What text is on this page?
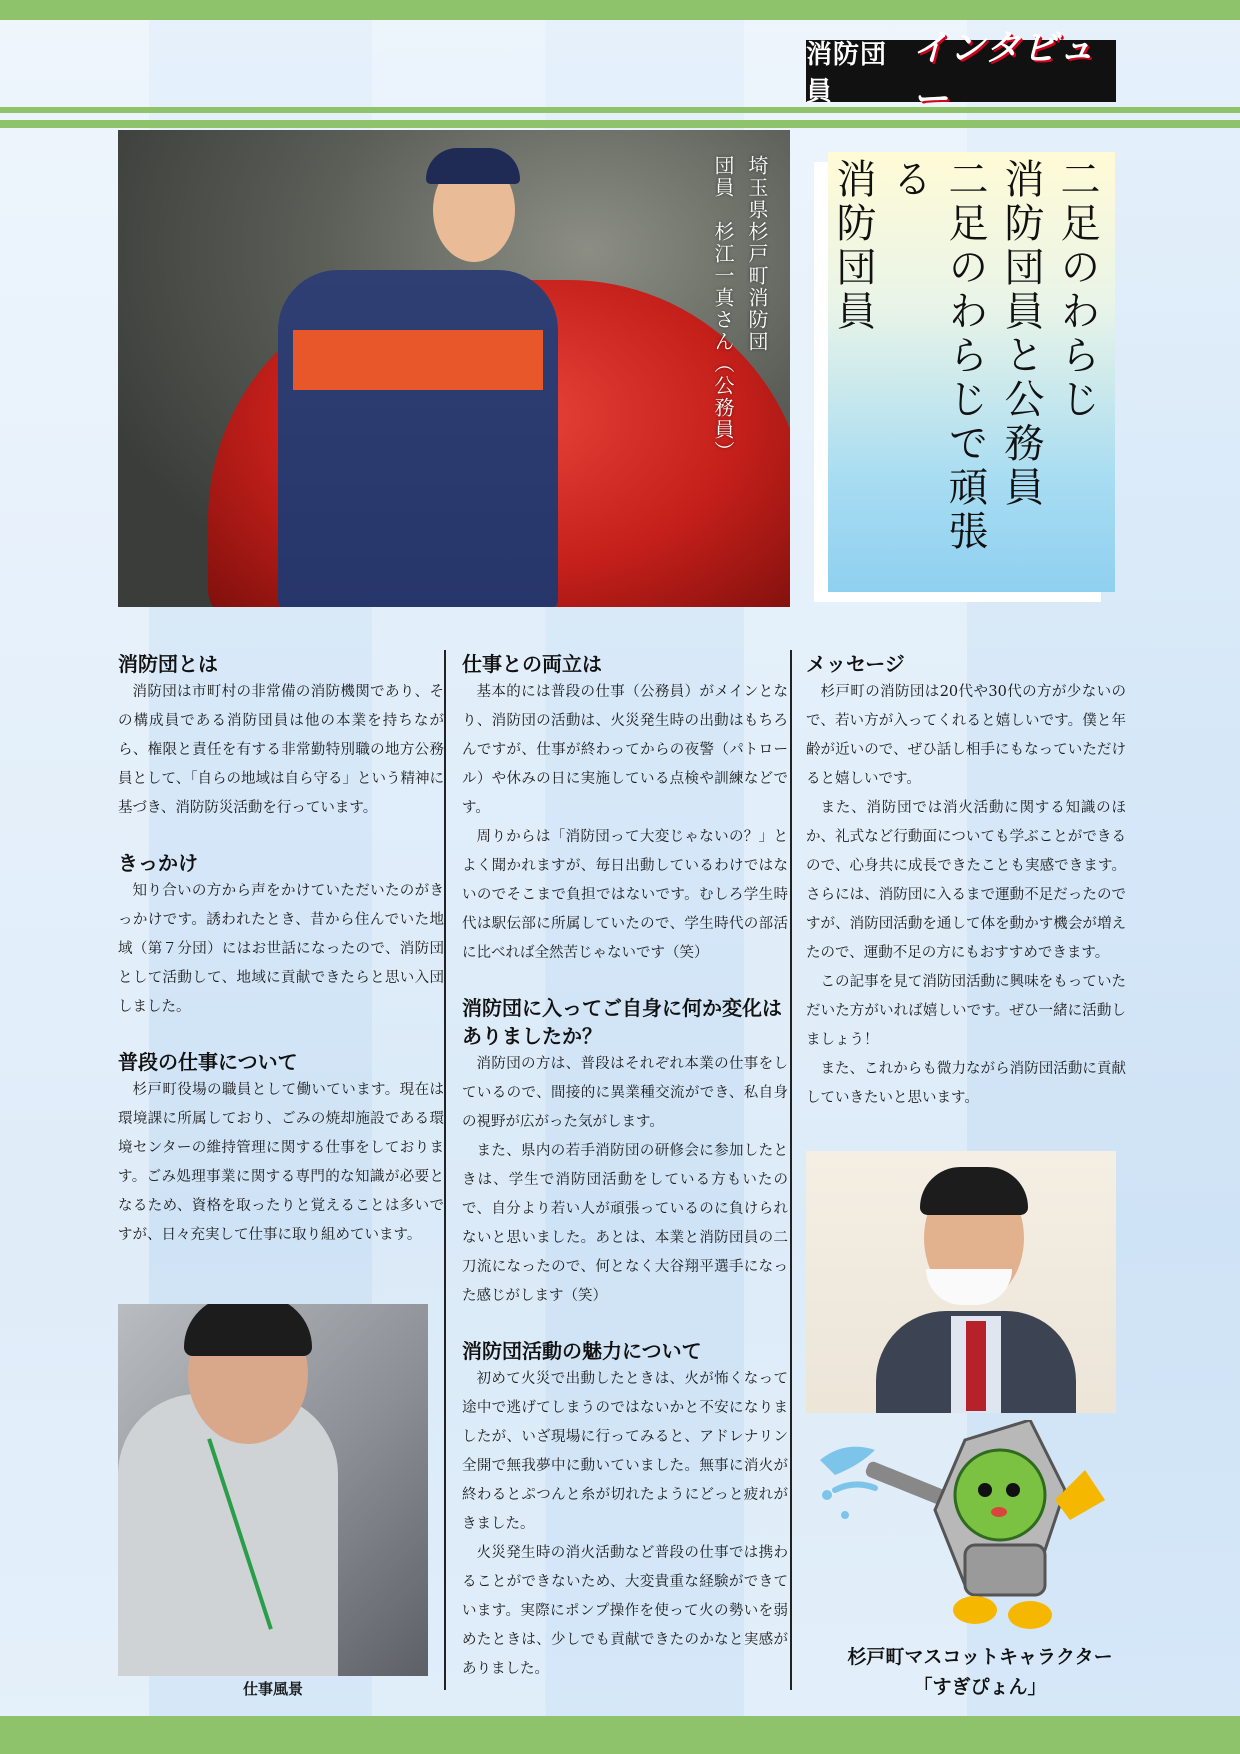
消防団員
インタビュー
埼玉県杉戸町消防団
団員　杉江一真さん（公務員）	二足のわらじ
消防団員と公務員
二足のわらじで頑張る
消防団員
消防団とは

消防団は市町村の非常備の消防機関であり、その構成員である消防団員は他の本業を持ちながら、権限と責任を有する非常勤特別職の地方公務員として、「自らの地域は自ら守る」という精神に基づき、消防防災活動を行っています。

きっかけ

知り合いの方から声をかけていただいたのがきっかけです。誘われたとき、昔から住んでいた地域（第７分団）にはお世話になったので、消防団として活動して、地域に貢献できたらと思い入団しました。

普段の仕事について

杉戸町役場の職員として働いています。現在は環境課に所属しており、ごみの焼却施設である環境センターの維持管理に関する仕事をしております。ごみ処理事業に関する専門的な知識が必要となるため、資格を取ったりと覚えることは多いですが、日々充実して仕事に取り組めています。

仕事風景
仕事との両立は

基本的には普段の仕事（公務員）がメインとなり、消防団の活動は、火災発生時の出動はもちろんですが、仕事が終わってからの夜警（パトロール）や休みの日に実施している点検や訓練などです。

周りからは「消防団って大変じゃないの？」とよく聞かれますが、毎日出動しているわけではないのでそこまで負担ではないです。むしろ学生時代は駅伝部に所属していたので、学生時代の部活に比べれば全然苦じゃないです（笑）

消防団に入ってご自身に何か変化はありましたか？

消防団の方は、普段はそれぞれ本業の仕事をしているので、間接的に異業種交流ができ、私自身の視野が広がった気がします。

また、県内の若手消防団の研修会に参加したときは、学生で消防団活動をしている方もいたので、自分より若い人が頑張っているのに負けられないと思いました。あとは、本業と消防団員の二刀流になったので、何となく大谷翔平選手になった感じがします（笑）

消防団活動の魅力について

初めて火災で出動したときは、火が怖くなって途中で逃げてしまうのではないかと不安になりましたが、いざ現場に行ってみると、アドレナリン全開で無我夢中に動いていました。無事に消火が終わるとぷつんと糸が切れたようにどっと疲れがきました。

火災発生時の消火活動など普段の仕事では携わることができないため、大変貴重な経験ができています。実際にポンプ操作を使って火の勢いを弱めたときは、少しでも貢献できたのかなと実感がありました。

メッセージ

杉戸町の消防団は20代や30代の方が少ないので、若い方が入ってくれると嬉しいです。僕と年齢が近いので、ぜひ話し相手にもなっていただけると嬉しいです。

また、消防団では消火活動に関する知識のほか、礼式など行動面についても学ぶことができるので、心身共に成長できたことも実感できます。さらには、消防団に入るまで運動不足だったのですが、消防団活動を通して体を動かす機会が増えたので、運動不足の方にもおすすめできます。

この記事を見て消防団活動に興味をもっていただいた方がいれば嬉しいです。ぜひ一緒に活動しましょう！

また、これからも微力ながら消防団活動に貢献していきたいと思います。

杉戸町マスコットキャラクター
「すぎぴょん」
